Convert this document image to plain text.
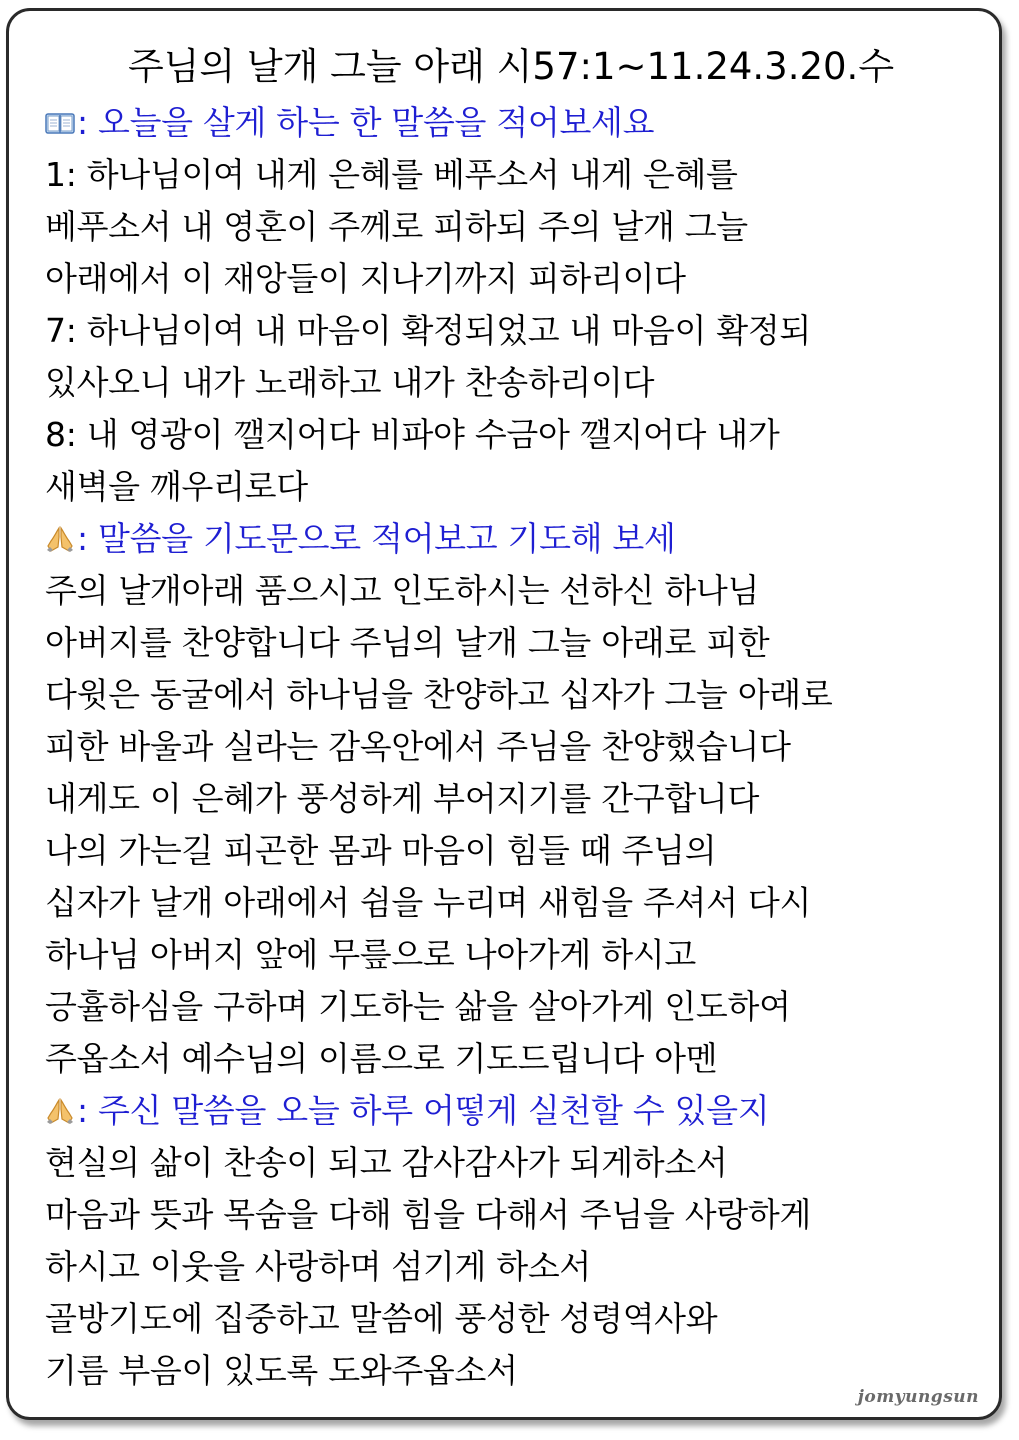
주님의 날개 그늘 아래 시57:1~11.24.3.20.수
: 오늘을 살게 하는 한 말씀을 적어보세요
1: 하나님이여 내게 은혜를 베푸소서 내게 은혜를
베푸소서 내 영혼이 주께로 피하되 주의 날개 그늘
아래에서 이 재앙들이 지나기까지 피하리이다
7: 하나님이여 내 마음이 확정되었고 내 마음이 확정되
있사오니 내가 노래하고 내가 찬송하리이다
8: 내 영광이 깰지어다 비파야 수금아 깰지어다 내가
새벽을 깨우리로다
: 말씀을 기도문으로 적어보고 기도해 보세
주의 날개아래 품으시고 인도하시는 선하신 하나님
아버지를 찬양합니다 주님의 날개 그늘 아래로 피한
다윗은 동굴에서 하나님을 찬양하고 십자가 그늘 아래로
피한 바울과 실라는 감옥안에서 주님을 찬양했습니다
내게도 이 은혜가 풍성하게 부어지기를 간구합니다
나의 가는길 피곤한 몸과 마음이 힘들 때 주님의
십자가 날개 아래에서 쉼을 누리며 새힘을 주셔서 다시
하나님 아버지 앞에 무릎으로 나아가게 하시고
긍휼하심을 구하며 기도하는 삶을 살아가게 인도하여
주옵소서 예수님의 이름으로 기도드립니다 아멘
: 주신 말씀을 오늘 하루 어떻게 실천할 수 있을지
현실의 삶이 찬송이 되고 감사감사가 되게하소서
마음과 뜻과 목숨을 다해 힘을 다해서 주님을 사랑하게
하시고 이웃을 사랑하며 섬기게 하소서
골방기도에 집중하고 말씀에 풍성한 성령역사와
기름 부음이 있도록 도와주옵소서
jomyungsun
